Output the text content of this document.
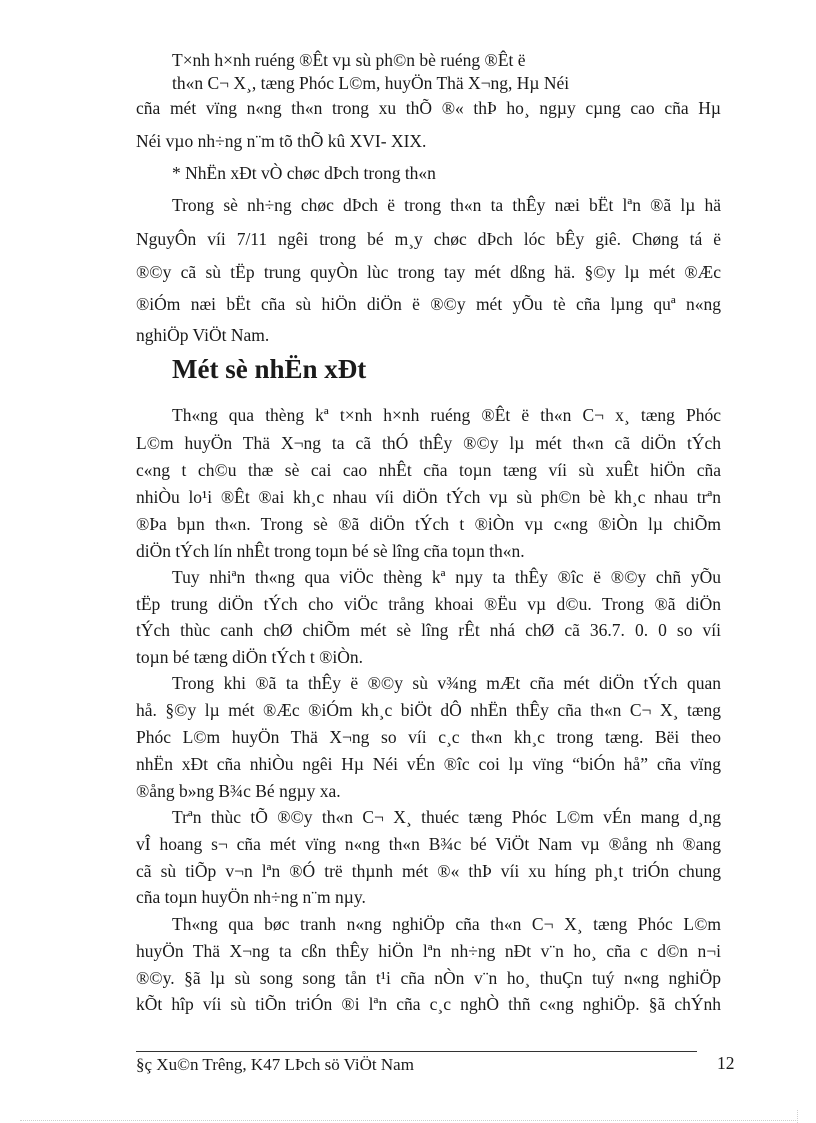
T×nh h×nh ruéng ®Êt vµ sù ph©n bè ruéng ®Êt ë
th«n C¬ X¸, tæng Phóc L©m, huyÖn Thä X¬ng, Hµ Néi
cña mét vïng n«ng th«n trong xu thÕ ®« thÞ ho¸ ngµy cµng cao cña Hµ
Néi vµo nh÷ng n¨m tõ thÕ kû XVI- XIX.
* NhËn xÐt vÒ chøc dÞch trong th«n
Trong sè nh÷ng chøc dÞch ë trong th«n ta thÊy næi bËt lªn ®ã lµ hä
NguyÔn víi 7/11 ngêi trong bé m¸y chøc dÞch lóc bÊy giê. Chøng tá ë
®©y cã sù tËp trung quyÒn lùc trong tay mét dßng hä. §©y lµ mét ®Æc
®iÓm næi bËt cña sù hiÖn diÖn ë ®©y mét yÕu tè cña lµng quª n«ng
nghiÖp ViÖt Nam.
Mét sè nhËn xÐt
Th«ng qua thèng kª t×nh h×nh ruéng ®Êt ë th«n C¬ x¸ tæng Phóc
L©m huyÖn Thä X¬ng ta cã thÓ thÊy ®©y lµ mét th«n cã diÖn tÝch
c«ng t ch©u thæ sè cai cao nhÊt cña toµn tæng víi sù xuÊt hiÖn cña
nhiÒu lo¹i ®Êt ®ai kh¸c nhau víi diÖn tÝch vµ sù ph©n bè kh¸c nhau trªn
®Þa bµn th«n. Trong sè ®ã diÖn tÝch t ®iÒn vµ c«ng ®iÒn lµ chiÕm
diÖn tÝch lín nhÊt trong toµn bé sè lîng cña toµn th«n.
Tuy nhiªn th«ng qua viÖc thèng kª nµy ta thÊy ®îc ë ®©y chñ yÕu
tËp trung diÖn tÝch cho viÖc trång khoai ®Ëu vµ d©u. Trong ®ã diÖn
tÝch thùc canh chØ chiÕm mét sè lîng rÊt nhá chØ cã 36.7. 0. 0 so víi
toµn bé tæng diÖn tÝch t ®iÒn.
Trong khi ®ã ta thÊy ë ®©y sù v¾ng mÆt cña mét diÖn tÝch quan
hå. §©y lµ mét ®Æc ®iÓm kh¸c biÖt dÔ nhËn thÊy cña th«n C¬ X¸ tæng
Phóc L©m huyÖn Thä X¬ng so víi c¸c th«n kh¸c trong tæng. Bëi theo
nhËn xÐt cña nhiÒu ngêi Hµ Néi vÉn ®îc coi lµ vïng “biÓn hå” cña vïng
®ång b»ng B¾c Bé ngµy xa.
Trªn thùc tÕ ®©y th«n C¬ X¸ thuéc tæng Phóc L©m vÉn mang d¸ng
vÎ hoang s¬ cña mét vïng n«ng th«n B¾c bé ViÖt Nam vµ ®ång nh ®ang
cã sù tiÕp v¬n lªn ®Ó trë thµnh mét ®« thÞ víi xu híng ph¸t triÓn chung
cña toµn huyÖn nh÷ng n¨m nµy.
Th«ng qua bøc tranh n«ng nghiÖp cña th«n C¬ X¸ tæng Phóc L©m
huyÖn Thä X¬ng ta cßn thÊy hiÖn lªn nh÷ng nÐt v¨n ho¸ cña c d©n n¬i
®©y. §ã lµ sù song song tån t¹i cña nÒn v¨n ho¸ thuÇn tuý n«ng nghiÖp
kÕt hîp víi sù tiÕn triÓn ®i lªn cña c¸c nghÒ thñ c«ng nghiÖp. §ã chÝnh
§ç Xu©n Trêng, K47 LÞch sö ViÖt Nam	12
